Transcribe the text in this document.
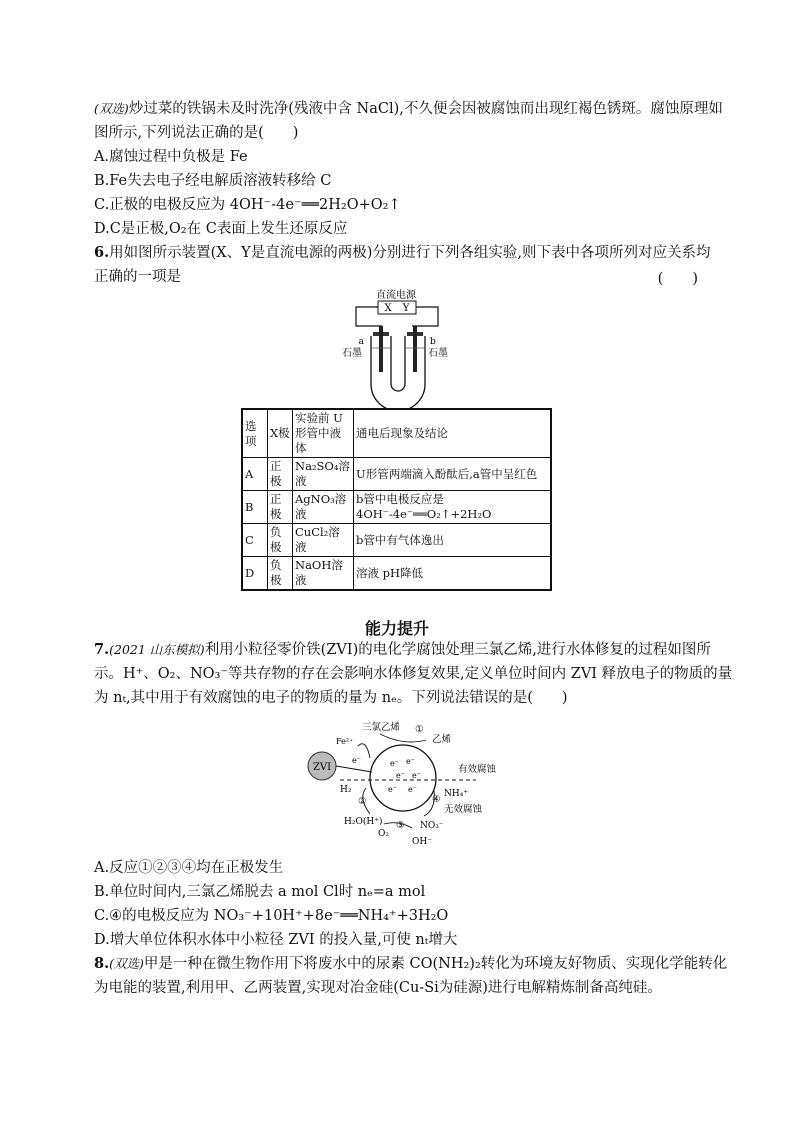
(双选)炒过菜的铁锅未及时洗净(残液中含 NaCl),不久便会因被腐蚀而出现红褐色锈斑。腐蚀原理如
图所示,下列说法正确的是(　　)
A.腐蚀过程中负极是 Fe
B.Fe失去电子经电解质溶液转移给 C
C.正极的电极反应为 4OH⁻-4e⁻══2H₂O+O₂↑
D.C是正极,O₂在 C表面上发生还原反应
6.用如图所示装置(X、Y是直流电源的两极)分别进行下列各组实验,则下表中各项所列对应关系均
正确的一项是	(　　)
直流电源
X Y
a
石墨
b
石墨
选项	X极	实验前 U形管中液体	通电后现象及结论
A	正极	Na₂SO₄溶液	U形管两端滴入酚酞后,a管中呈红色
B	正极	AgNO₃溶液	b管中电极反应是 4OH⁻-4e⁻══O₂↑+2H₂O
C	负极	CuCl₂溶液	b管中有气体逸出
D	负极	NaOH溶液	溶液 pH降低
能力提升
7.(2021 山东模拟)利用小粒径零价铁(ZVI)的电化学腐蚀处理三氯乙烯,进行水体修复的过程如图所
示。H⁺、O₂、NO₃⁻等共存物的存在会影响水体修复效果,定义单位时间内 ZVI 释放电子的物质的量
为 nₜ,其中用于有效腐蚀的电子的物质的量为 nₑ。下列说法错误的是(　　)
ZVI
e⁻
Fe²⁺
三氯乙烯 ①
乙烯
e⁻ e⁻
e⁻ e⁻
e⁻ e⁻
有效腐蚀
H₂
②
H₂O(H⁺) ③
O₂
OH⁻
④ NH₄⁺
无效腐蚀
NO₃⁻
A.反应①②③④均在正极发生
B.单位时间内,三氯乙烯脱去 a mol Cl时 nₑ=a mol
C.④的电极反应为 NO₃⁻+10H⁺+8e⁻══NH₄⁺+3H₂O
D.增大单位体积水体中小粒径 ZVI 的投入量,可使 nₜ增大
8.(双选)甲是一种在微生物作用下将废水中的尿素 CO(NH₂)₂转化为环境友好物质、实现化学能转化
为电能的装置,利用甲、乙两装置,实现对冶金硅(Cu-Si为硅源)进行电解精炼制备高纯硅。
